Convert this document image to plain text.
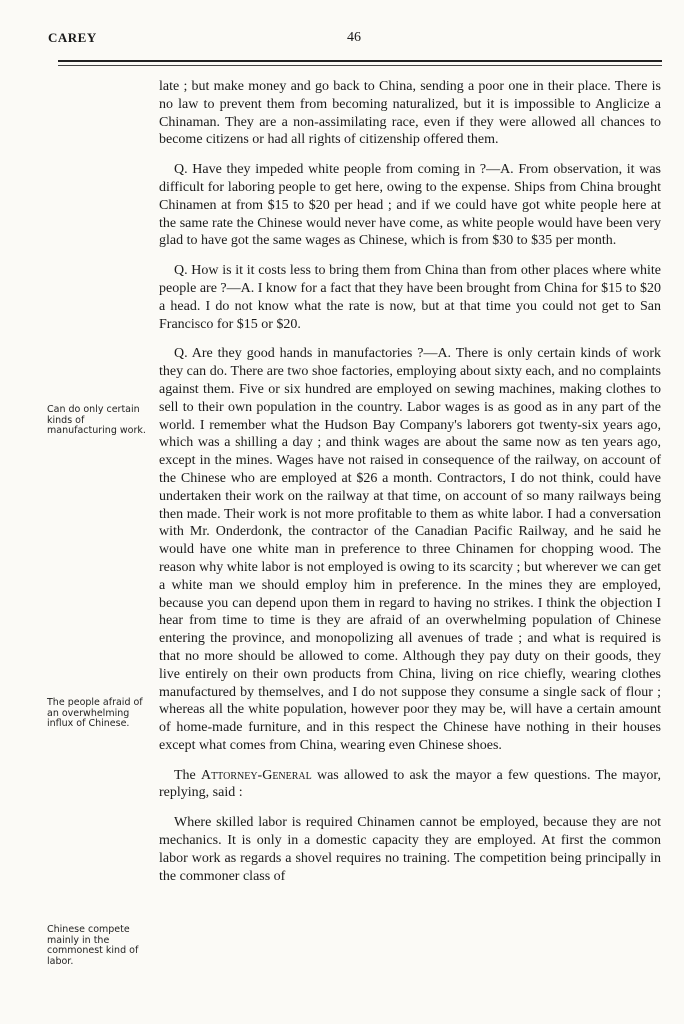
CAREY	46
Can do only certain kinds of manufacturing work.
The people afraid of an overwhelming influx of Chinese.
Chinese compete mainly in the commonest kind of labor.

late ; but make money and go back to China, sending a poor one in their place. There is no law to prevent them from becoming naturalized, but it is impossible to Anglicize a Chinaman. They are a non-assimilating race, even if they were allowed all chances to become citizens or had all rights of citizenship offered them.

Q. Have they impeded white people from coming in ?—A. From observation, it was difficult for laboring people to get here, owing to the expense. Ships from China brought Chinamen at from $15 to $20 per head ; and if we could have got white people here at the same rate the Chinese would never have come, as white people would have been very glad to have got the same wages as Chinese, which is from $30 to $35 per month.

Q. How is it it costs less to bring them from China than from other places where white people are ?—A. I know for a fact that they have been brought from China for $15 to $20 a head. I do not know what the rate is now, but at that time you could not get to San Francisco for $15 or $20.

Q. Are they good hands in manufactories ?—A. There is only certain kinds of work they can do. There are two shoe factories, employing about sixty each, and no complaints against them. Five or six hundred are employed on sewing machines, making clothes to sell to their own population in the country. Labor wages is as good as in any part of the world. I remember what the Hudson Bay Company's laborers got twenty-six years ago, which was a shilling a day ; and think wages are about the same now as ten years ago, except in the mines. Wages have not raised in consequence of the railway, on account of the Chinese who are employed at $26 a month. Contractors, I do not think, could have undertaken their work on the railway at that time, on account of so many railways being then made. Their work is not more profitable to them as white labor. I had a conversation with Mr. Onderdonk, the contractor of the Canadian Pacific Railway, and he said he would have one white man in preference to three Chinamen for chopping wood. The reason why white labor is not employed is owing to its scarcity ; but wherever we can get a white man we should employ him in preference. In the mines they are employed, because you can depend upon them in regard to having no strikes. I think the objection I hear from time to time is they are afraid of an overwhelming population of Chinese entering the province, and monopolizing all avenues of trade ; and what is required is that no more should be allowed to come. Although they pay duty on their goods, they live entirely on their own products from China, living on rice chiefly, wearing clothes manufactured by themselves, and I do not suppose they consume a single sack of flour ; whereas all the white population, however poor they may be, will have a certain amount of home-made furniture, and in this respect the Chinese have nothing in their houses except what comes from China, wearing even Chinese shoes.

The Attorney-General was allowed to ask the mayor a few questions. The mayor, replying, said :

Where skilled labor is required Chinamen cannot be employed, because they are not mechanics. It is only in a domestic capacity they are employed. At first the common labor work as regards a shovel requires no training. The competition being principally in the commoner class of
